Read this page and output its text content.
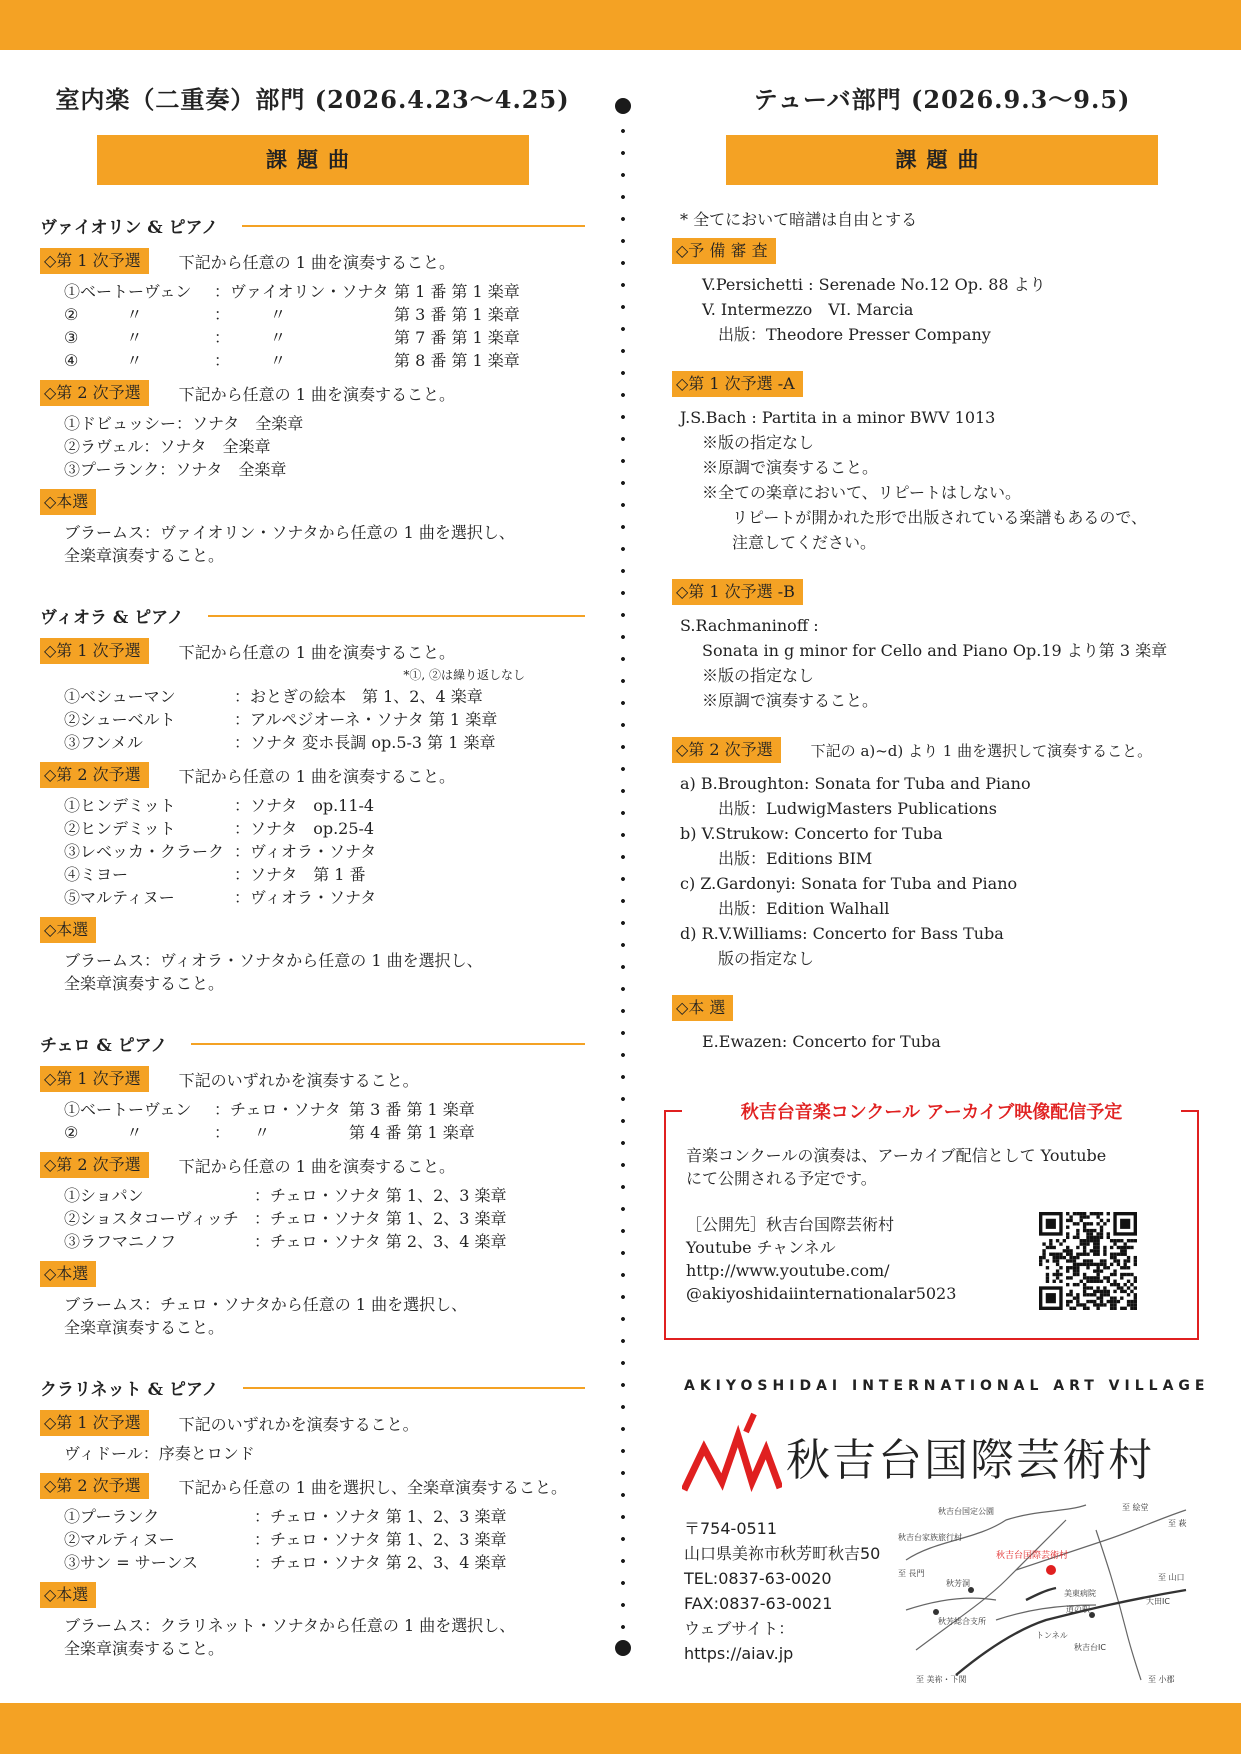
室内楽（二重奏）部門 (2026.4.23〜4.25)
課題曲
ヴァイオリン & ピアノ
◇第 1 次予選	下記から任意の 1 曲を演奏すること。
①ベートーヴェン	：ヴァイオリン・ソナタ 第 1 番 第 1 楽章
②　　　〃	：　　　〃	第 3 番 第 1 楽章
③　　　〃	：　　　〃	第 7 番 第 1 楽章
④　　　〃	：　　　〃	第 8 番 第 1 楽章
◇第 2 次予選	下記から任意の 1 曲を演奏すること。
①ドビュッシー：ソナタ　全楽章
②ラヴェル：ソナタ　全楽章
③プーランク：ソナタ　全楽章
◇本選
ブラームス：ヴァイオリン・ソナタから任意の 1 曲を選択し、
全楽章演奏すること。
ヴィオラ & ピアノ
◇第 1 次予選	下記から任意の 1 曲を演奏すること。
*①, ②は繰り返しなし
①ベシューマン	：おとぎの絵本　第 1、2、4 楽章
②シューベルト	：アルペジオーネ・ソナタ 第 1 楽章
③フンメル	：ソナタ 変ホ長調 op.5-3 第 1 楽章
◇第 2 次予選	下記から任意の 1 曲を演奏すること。
①ヒンデミット	：ソナタ　op.11-4
②ヒンデミット	：ソナタ　op.25-4
③レベッカ・クラーク ：ヴィオラ・ソナタ
④ミヨー	：ソナタ　第 1 番
⑤マルティヌー	：ヴィオラ・ソナタ
◇本選
ブラームス：ヴィオラ・ソナタから任意の 1 曲を選択し、
全楽章演奏すること。
チェロ & ピアノ
◇第 1 次予選	下記のいずれかを演奏すること。
①ベートーヴェン	：チェロ・ソナタ 第 3 番 第 1 楽章
②　　　〃	：　　〃	第 4 番 第 1 楽章
◇第 2 次予選	下記から任意の 1 曲を演奏すること。
①ショパン	：チェロ・ソナタ 第 1、2、3 楽章
②ショスタコーヴィッチ ：チェロ・ソナタ 第 1、2、3 楽章
③ラフマニノフ	：チェロ・ソナタ 第 2、3、4 楽章
◇本選
ブラームス：チェロ・ソナタから任意の 1 曲を選択し、
全楽章演奏すること。
クラリネット & ピアノ
◇第 1 次予選	下記のいずれかを演奏すること。
ヴィドール：序奏とロンド
◇第 2 次予選	下記から任意の 1 曲を選択し、全楽章演奏すること。
①プーランク	：チェロ・ソナタ 第 1、2、3 楽章
②マルティヌー	：チェロ・ソナタ 第 1、2、3 楽章
③サン = サーンス	：チェロ・ソナタ 第 2、3、4 楽章
◇本選
ブラームス：クラリネット・ソナタから任意の 1 曲を選択し、
全楽章演奏すること。
テューバ部門 (2026.9.3〜9.5)
課題曲
* 全てにおいて暗譜は自由とする
◇予 備 審 査
V.Persichetti : Serenade No.12 Op. 88 より
V. Intermezzo　VI. Marcia
出版：Theodore Presser Company
◇第 1 次予選 -A
J.S.Bach : Partita in a minor BWV 1013
※版の指定なし
※原調で演奏すること。
※全ての楽章において、リピートはしない。
リピートが開かれた形で出版されている楽譜もあるので、
注意してください。
◇第 1 次予選 -B
S.Rachmaninoff :
Sonata in g minor for Cello and Piano Op.19 より第 3 楽章
※版の指定なし
※原調で演奏すること。
◇第 2 次予選	下記の a)~d) より 1 曲を選択して演奏すること。
a) B.Broughton: Sonata for Tuba and Piano
出版：LudwigMasters Publications
b) V.Strukow: Concerto for Tuba
出版：Editions BIM
c) Z.Gardonyi: Sonata for Tuba and Piano
出版：Edition Walhall
d) R.V.Williams: Concerto for Bass Tuba
版の指定なし
◇本 選
E.Ewazen: Concerto for Tuba
秋吉台音楽コンクール アーカイブ映像配信予定
音楽コンクールの演奏は、アーカイブ配信として Youtube
にて公開される予定です。
［公開先］秋吉台国際芸術村
Youtube チャンネル
http://www.youtube.com/
@akiyoshidaiinternationalar5023
AKIYOSHIDAI INTERNATIONAL ART VILLAGE
秋吉台国際芸術村
〒754-0511
山口県美祢市秋芳町秋吉50
TEL:0837-63-0020
FAX:0837-63-0021
ウェブサイト：
https://aiav.jp
秋吉台国定公園
秋吉台家族旅行村
秋芳洞
秋芳総合支所
秋吉台国際芸術村
美東病院
道の駅
トンネル
秋吉台IC
至 長門
至 美祢・下関	至 小郡
至 山口
至 萩
至 絵堂
大田IC
